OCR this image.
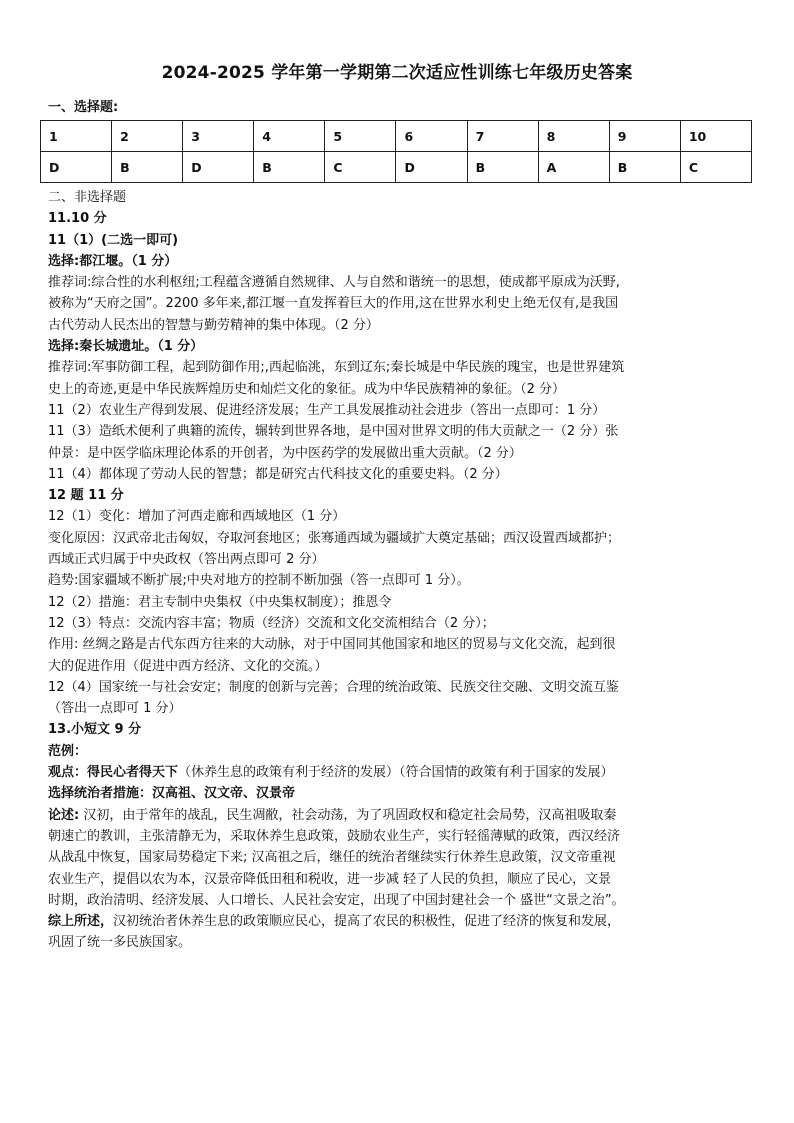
2024-2025 学年第一学期第二次适应性训练七年级历史答案
一、选择题:
1	2	3	4	5	6	7	8	9	10
D	B	D	B	C	D	B	A	B	C
二、非选择题
11.10 分
11（1）(二选一即可)
选择:都江堰。（1 分）
推荐词:综合性的水利枢纽;工程蕴含遵循自然规律、人与自然和谐统一的思想，使成都平原成为沃野,
被称为“天府之国”。2200 多年来,都江堰一直发挥着巨大的作用,这在世界水利史上绝无仅有,是我国
古代劳动人民杰出的智慧与勤劳精神的集中体现。（2 分）
选择:秦长城遗址。（1 分）
推荐词:军事防御工程，起到防御作用;,西起临洮，东到辽东;秦长城是中华民族的瑰宝，也是世界建筑
史上的奇迹,更是中华民族辉煌历史和灿烂文化的象征。成为中华民族精神的象征。（2 分）
11（2）农业生产得到发展、促进经济发展；生产工具发展推动社会进步（答出一点即可：1 分）
11（3）造纸术便利了典籍的流传，辗转到世界各地，是中国对世界文明的伟大贡献之一（2 分）张
仲景：是中医学临床理论体系的开创者，为中医药学的发展做出重大贡献。（2 分）
11（4）都体现了劳动人民的智慧；都是研究古代科技文化的重要史料。（2 分）
12 题 11 分
12（1）变化：增加了河西走廊和西域地区（1 分）
变化原因：汉武帝北击匈奴，夺取河套地区；张骞通西域为疆域扩大奠定基础；西汉设置西域都护；
西域正式归属于中央政权（答出两点即可 2 分）
趋势:国家疆域不断扩展;中央对地方的控制不断加强（答一点即可 1 分）。
12（2）措施：君主专制中央集权（中央集权制度）；推恩令
12（3）特点：交流内容丰富；物质（经济）交流和文化交流相结合（2 分）；
作用: 丝绸之路是古代东西方往来的大动脉，对于中国同其他国家和地区的贸易与文化交流，起到很
大的促进作用（促进中西方经济、文化的交流。）
12（4）国家统一与社会安定；制度的创新与完善；合理的统治政策、民族交往交融、文明交流互鉴
（答出一点即可 1 分）
13.小短文 9 分
范例：
观点：得民心者得天下（休养生息的政策有利于经济的发展）（符合国情的政策有利于国家的发展）
选择统治者措施：汉高祖、汉文帝、汉景帝
论述: 汉初，由于常年的战乱，民生凋敝，社会动荡，为了巩固政权和稳定社会局势，汉高祖吸取秦
朝速亡的教训，主张清静无为，采取休养生息政策，鼓励农业生产，实行轻徭薄赋的政策，西汉经济
从战乱中恢复，国家局势稳定下来; 汉高祖之后，继任的统治者继续实行休养生息政策，汉文帝重视
农业生产，提倡以农为本，汉景帝降低田租和税收，进一步减 轻了人民的负担，顺应了民心，文景
时期，政治清明、经济发展、人口增长、人民社会安定，出现了中国封建社会一个 盛世“文景之治”。
综上所述，汉初统治者休养生息的政策顺应民心，提高了农民的积极性，促进了经济的恢复和发展，
巩固了统一多民族国家。
